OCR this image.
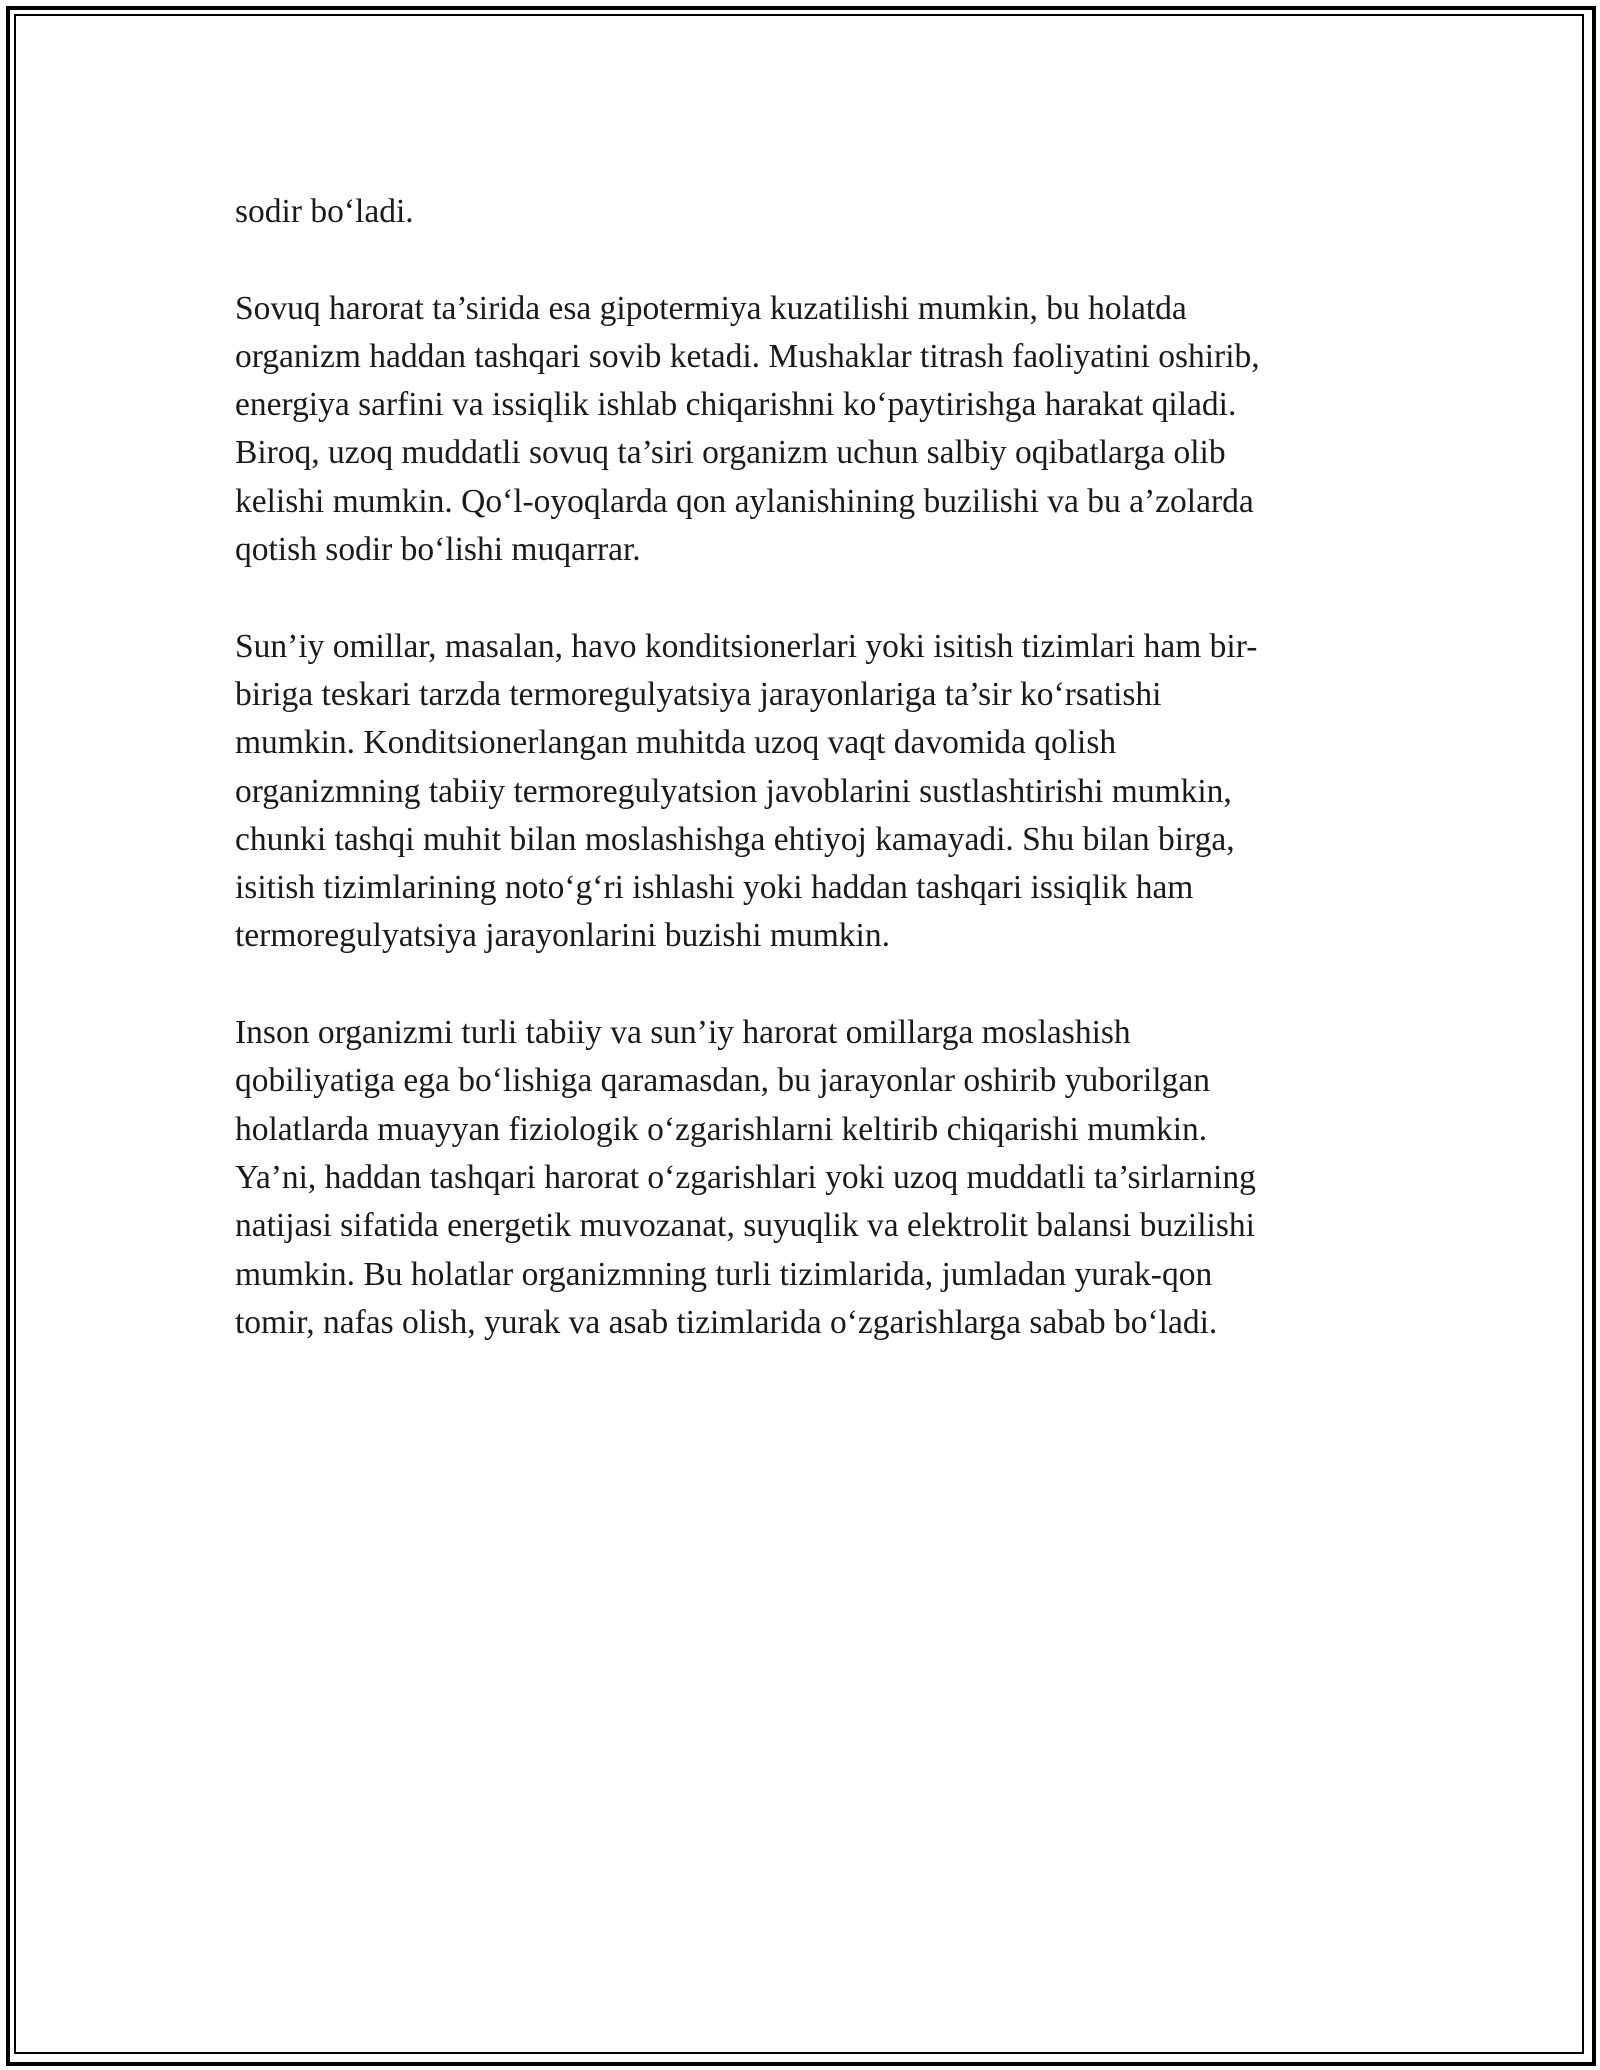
sodir bo‘ladi.

Sovuq harorat ta’sirida esa gipotermiya kuzatilishi mumkin, bu holatda
organizm haddan tashqari sovib ketadi. Mushaklar titrash faoliyatini oshirib,
energiya sarfini va issiqlik ishlab chiqarishni ko‘paytirishga harakat qiladi.
Biroq, uzoq muddatli sovuq ta’siri organizm uchun salbiy oqibatlarga olib
kelishi mumkin. Qo‘l-oyoqlarda qon aylanishining buzilishi va bu a’zolarda
qotish sodir bo‘lishi muqarrar.

Sun’iy omillar, masalan, havo konditsionerlari yoki isitish tizimlari ham bir-
biriga teskari tarzda termoregulyatsiya jarayonlariga ta’sir ko‘rsatishi
mumkin. Konditsionerlangan muhitda uzoq vaqt davomida qolish
organizmning tabiiy termoregulyatsion javoblarini sustlashtirishi mumkin,
chunki tashqi muhit bilan moslashishga ehtiyoj kamayadi. Shu bilan birga,
isitish tizimlarining noto‘g‘ri ishlashi yoki haddan tashqari issiqlik ham
termoregulyatsiya jarayonlarini buzishi mumkin.

Inson organizmi turli tabiiy va sun’iy harorat omillarga moslashish
qobiliyatiga ega bo‘lishiga qaramasdan, bu jarayonlar oshirib yuborilgan
holatlarda muayyan fiziologik o‘zgarishlarni keltirib chiqarishi mumkin.
Ya’ni, haddan tashqari harorat o‘zgarishlari yoki uzoq muddatli ta’sirlarning
natijasi sifatida energetik muvozanat, suyuqlik va elektrolit balansi buzilishi
mumkin. Bu holatlar organizmning turli tizimlarida, jumladan yurak-qon
tomir, nafas olish, yurak va asab tizimlarida o‘zgarishlarga sabab bo‘ladi.
